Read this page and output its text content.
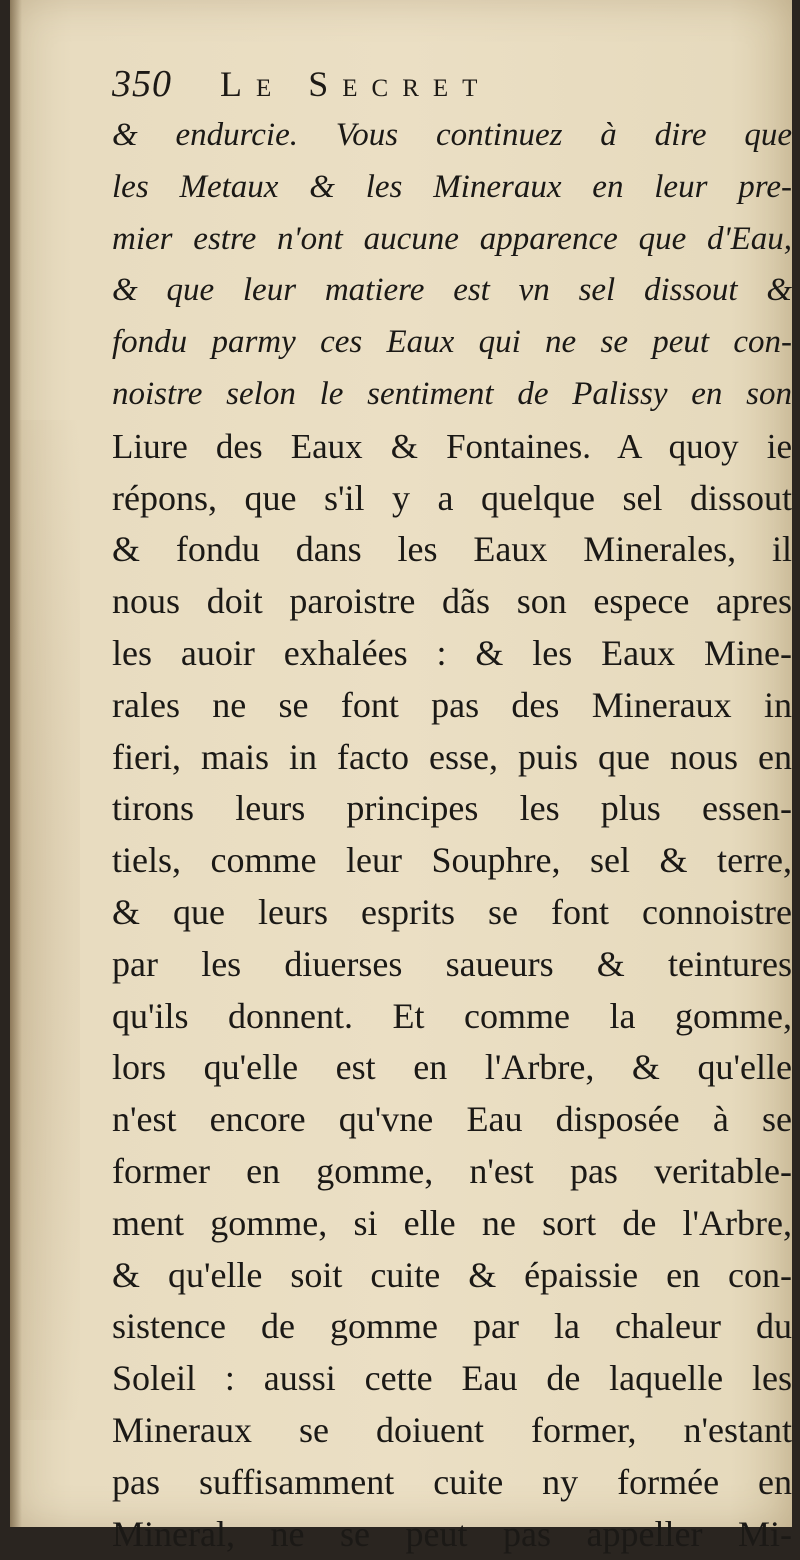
350 Le Secret
& endurcie. Vous continuez à dire que
les Metaux & les Mineraux en leur pre-
mier estre n'ont aucune apparence que d'Eau,
& que leur matiere est vn sel dissout &
fondu parmy ces Eaux qui ne se peut con-
noistre selon le sentiment de Palissy en son
Liure des Eaux & Fontaines. A quoy ie
répons, que s'il y a quelque sel dissout
& fondu dans les Eaux Minerales, il
nous doit paroistre dãs son espece apres
les auoir exhalées : & les Eaux Mine-
rales ne se font pas des Mineraux in
fieri, mais in facto esse, puis que nous en
tirons leurs principes les plus essen-
tiels, comme leur Souphre, sel & terre,
& que leurs esprits se font connoistre
par les diuerses saueurs & teintures
qu'ils donnent. Et comme la gomme,
lors qu'elle est en l'Arbre, & qu'elle
n'est encore qu'vne Eau disposée à se
former en gomme, n'est pas veritable-
ment gomme, si elle ne sort de l'Arbre,
& qu'elle soit cuite & épaissie en con-
sistence de gomme par la chaleur du
Soleil : aussi cette Eau de laquelle les
Mineraux se doiuent former, n'estant
pas suffisamment cuite ny formée en
Mineral, ne se peut pas appeller Mi-
